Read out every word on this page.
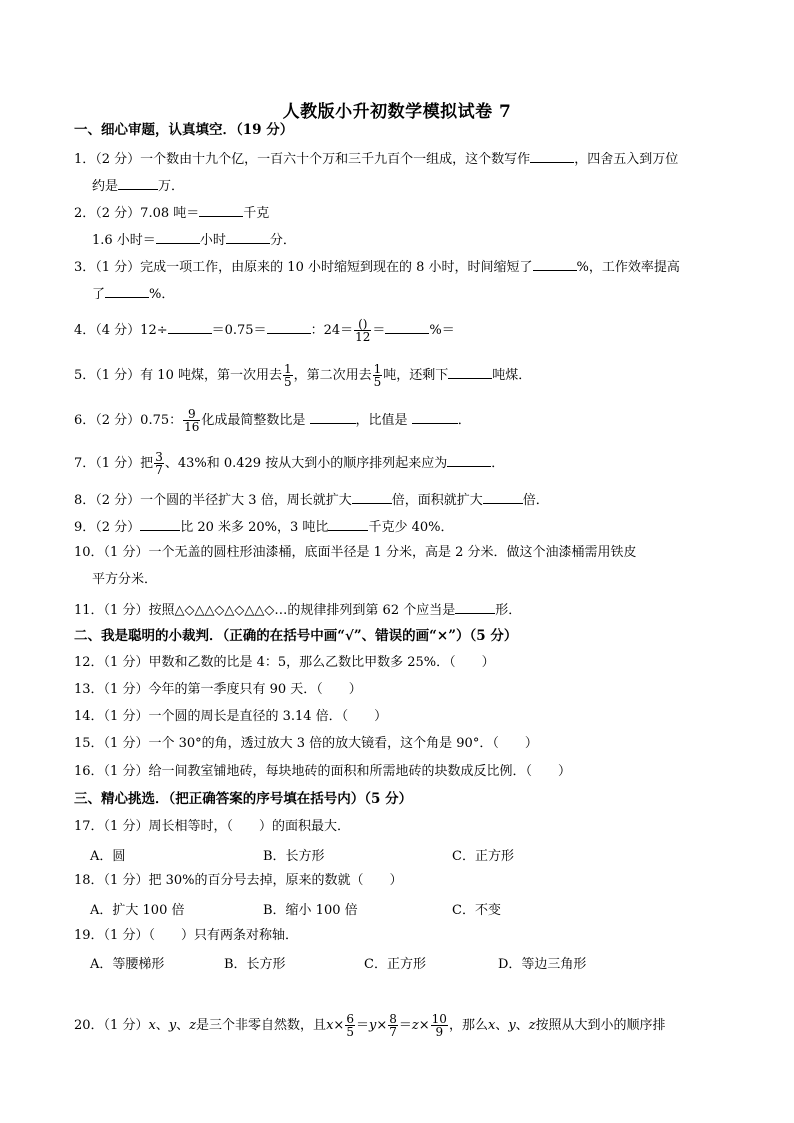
人教版小升初数学模拟试卷 7
一、细心审题，认真填空．（19 分）
1．（2 分）一个数由十九个亿，一百六十个万和三千九百个一组成，这个数写作	，四舍五入到万位
约是	万．
2．（2 分）7.08 吨＝	千克
1.6 小时＝	小时	分．
3．（1 分）完成一项工作，由原来的 10 小时缩短到现在的 8 小时，时间缩短了	%，工作效率提高
了	%．
4．（4 分）12÷	＝0.75＝	：$24= \frac{()}{12}$ ＝	%＝
5．（1 分）有 10 吨煤，第一次用去 $\frac{1}{5}$ ，第二次用去 $\frac{1}{5}$ 吨，还剩下	吨煤．
6．（2 分）0.75： $\frac{9}{16}$ 化成最简整数比是	，比值是	．
7．（1 分）把 $\frac{3}{7}$ 、43%和 0.429 按从大到小的顺序排列起来应为	．
8．（2 分）一个圆的半径扩大 3 倍，周长就扩大	倍，面积就扩大	倍．
9．（2 分）	比 20 米多 20%，3 吨比	千克少 40%．
10．（1 分）一个无盖的圆柱形油漆桶，底面半径是 1 分米，高是 2 分米．做这个油漆桶需用铁皮
平方分米．
11．（1 分）按照△◇△△◇△◇△△◇…的规律排列到第 62 个应当是	形．
二、我是聪明的小裁判．（正确的在括号中画“√”、错误的画“×”）（5 分）
12．（1 分）甲数和乙数的比是 4：5，那么乙数比甲数多 25%．（　　）
13．（1 分）今年的第一季度只有 90 天．（　　）
14．（1 分）一个圆的周长是直径的 3.14 倍．（　　）
15．（1 分）一个 30°的角，透过放大 3 倍的放大镜看，这个角是 90°．（　　）
16．（1 分）给一间教室铺地砖，每块地砖的面积和所需地砖的块数成反比例．（　　）
三、精心挑选．（把正确答案的序号填在括号内）（5 分）
17．（1 分）周长相等时，（　　）的面积最大．
A．圆	B．长方形	C．正方形
18．（1 分）把 30%的百分号去掉，原来的数就（　　）
A．扩大 100 倍	B．缩小 100 倍	C．不变
19．（1 分）（　　）只有两条对称轴．
A．等腰梯形	B．长方形	C．正方形	D．等边三角形
20．（1 分）x、y、z是三个非零自然数，且$x\times \frac{6}{5} =y\times \frac{8}{7} =z\times \frac{10}{9}$ ，那么x、y、z按照从大到小的顺序排
